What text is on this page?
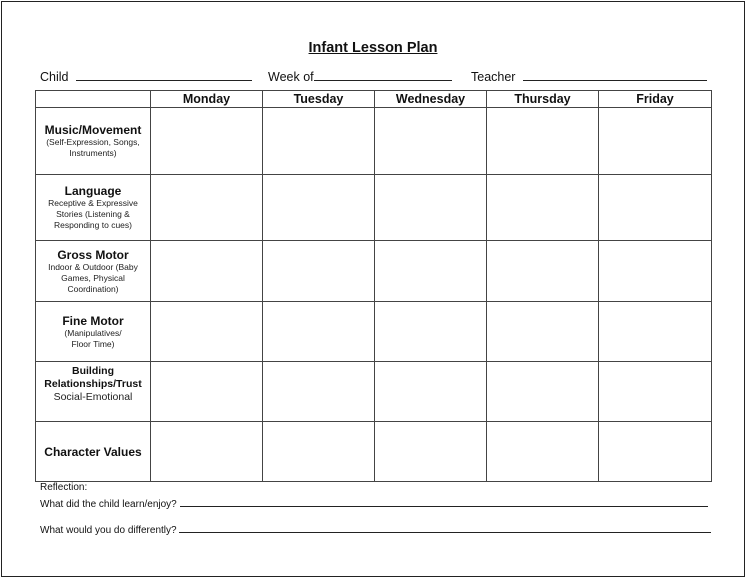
Infant Lesson Plan
Child	Week of	Teacher
	Monday	Tuesday	Wednesday	Thursday	Friday

Music/Movement
(Self-Expression, Songs, Instruments)					

Language
Receptive & Expressive Stories (Listening & Responding to cues)					

Gross Motor
Indoor & Outdoor (Baby Games, Physical Coordination)					

Fine Motor
(Manipulatives/ Floor Time)					

Building Relationships/Trust
Social-Emotional					

Character Values					

Reflection:
What did the child learn/enjoy?
What would you do differently?
